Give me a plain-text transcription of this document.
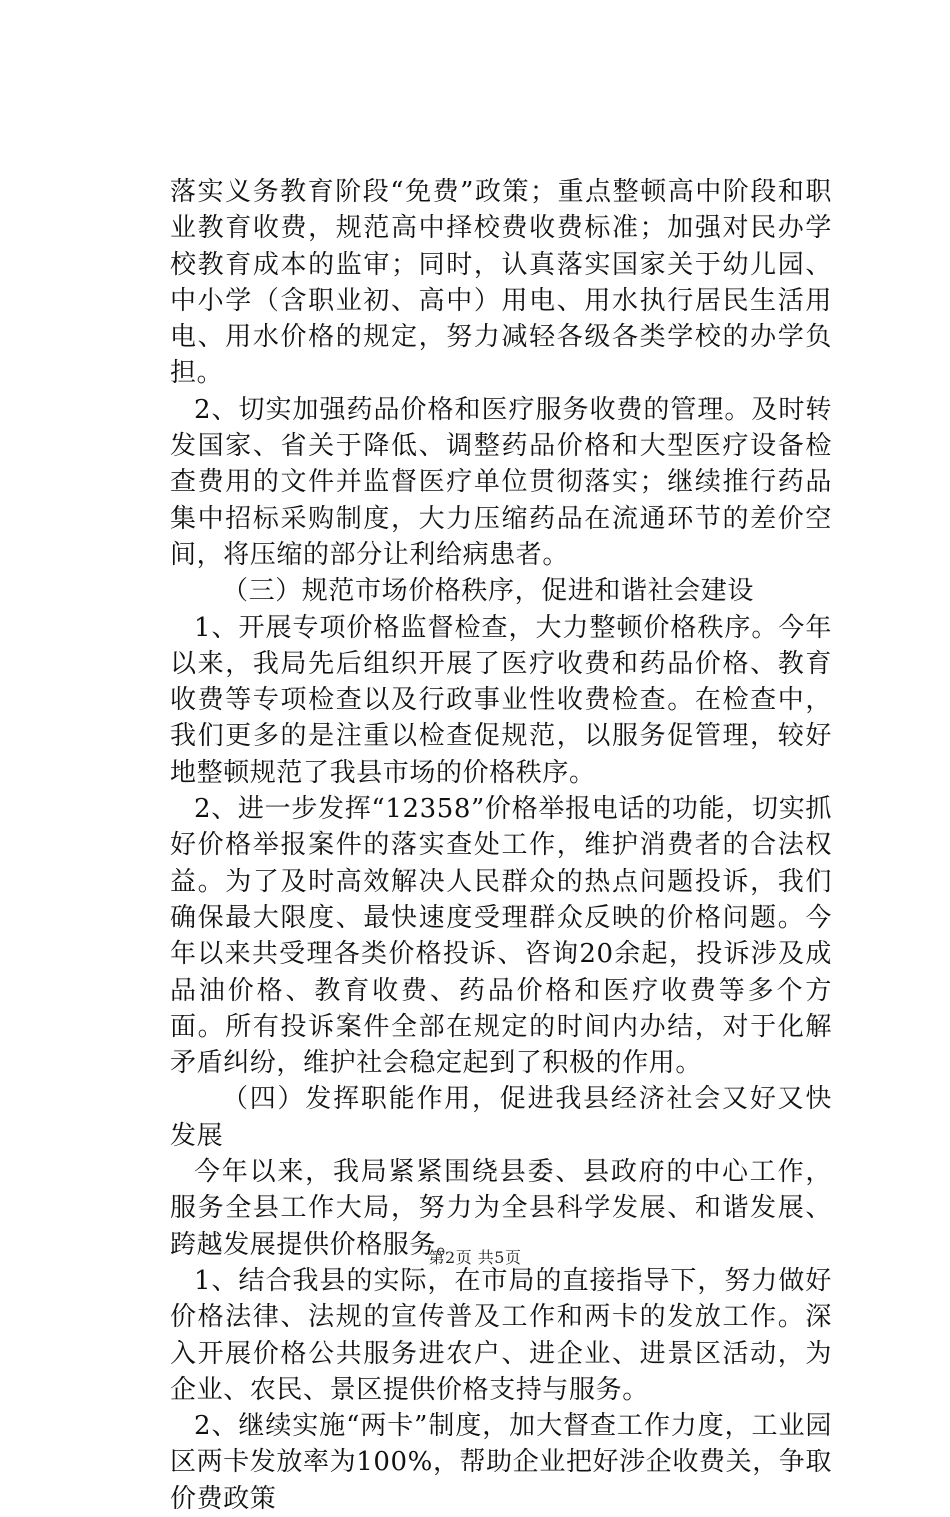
落实义务教育阶段“免费”政策；重点整顿高中阶段和职业教育收费，规范高中择校费收费标准；加强对民办学校教育成本的监审；同时，认真落实国家关于幼儿园、中小学（含职业初、高中）用电、用水执行居民生活用电、用水价格的规定，努力减轻各级各类学校的办学负担。

2、切实加强药品价格和医疗服务收费的管理。及时转发国家、省关于降低、调整药品价格和大型医疗设备检查费用的文件并监督医疗单位贯彻落实；继续推行药品集中招标采购制度，大力压缩药品在流通环节的差价空间，将压缩的部分让利给病患者。

（三）规范市场价格秩序，促进和谐社会建设

1、开展专项价格监督检查，大力整顿价格秩序。今年以来，我局先后组织开展了医疗收费和药品价格、教育收费等专项检查以及行政事业性收费检查。在检查中，我们更多的是注重以检查促规范，以服务促管理，较好地整顿规范了我县市场的价格秩序。

2、进一步发挥“12358”价格举报电话的功能，切实抓好价格举报案件的落实查处工作，维护消费者的合法权益。为了及时高效解决人民群众的热点问题投诉，我们确保最大限度、最快速度受理群众反映的价格问题。今年以来共受理各类价格投诉、咨询20余起，投诉涉及成品油价格、教育收费、药品价格和医疗收费等多个方面。所有投诉案件全部在规定的时间内办结，对于化解矛盾纠纷，维护社会稳定起到了积极的作用。

（四）发挥职能作用，促进我县经济社会又好又快发展

今年以来，我局紧紧围绕县委、县政府的中心工作，服务全县工作大局，努力为全县科学发展、和谐发展、跨越发展提供价格服务。

1、结合我县的实际，在市局的直接指导下，努力做好价格法律、法规的宣传普及工作和两卡的发放工作。深入开展价格公共服务进农户、进企业、进景区活动，为企业、农民、景区提供价格支持与服务。

2、继续实施“两卡”制度，加大督查工作力度，工业园区两卡发放率为100%，帮助企业把好涉企收费关，争取价费政策

第2页 共5页
